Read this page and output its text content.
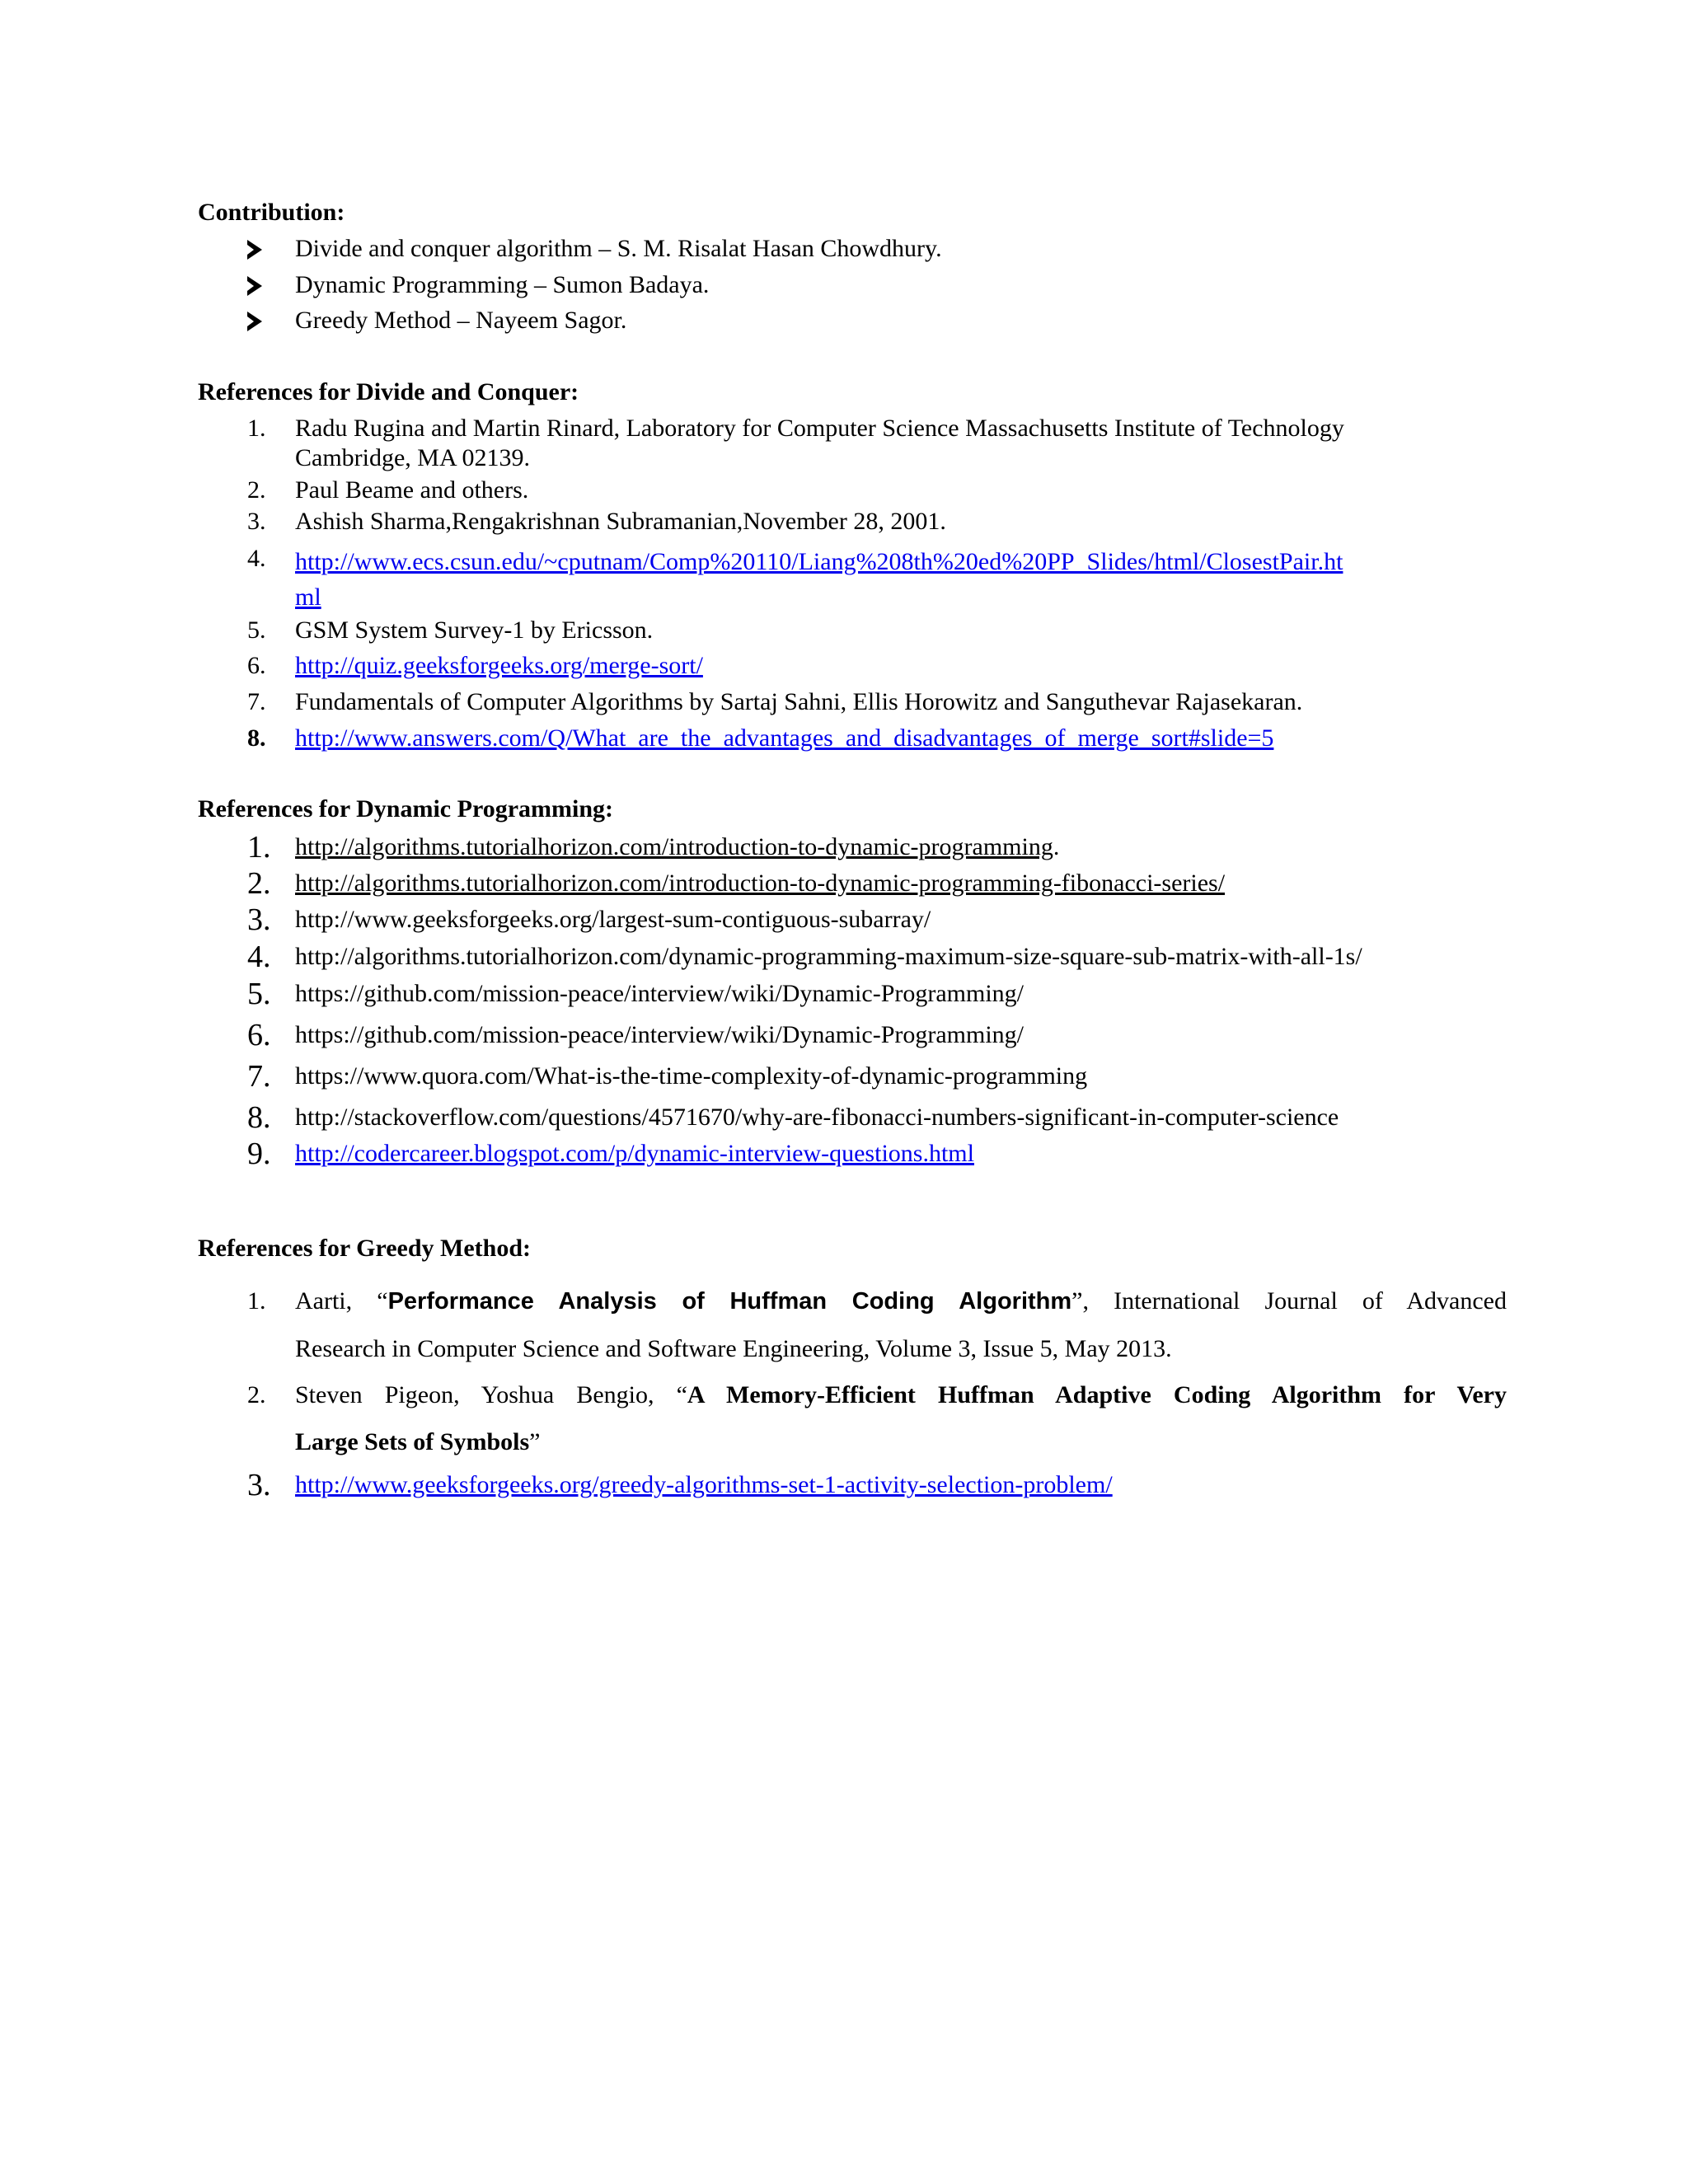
Contribution:
Divide and conquer algorithm – S. M. Risalat Hasan Chowdhury.
Dynamic Programming – Sumon Badaya.
Greedy Method – Nayeem Sagor.
References for Divide and Conquer:
1.	Radu Rugina and Martin Rinard, Laboratory for Computer Science Massachusetts Institute of Technology
Cambridge, MA 02139.
2.	Paul Beame and others.
3.	Ashish Sharma,Rengakrishnan Subramanian,November 28, 2001.
4.	http://www.ecs.csun.edu/~cputnam/Comp%20110/Liang%208th%20ed%20PP_Slides/html/ClosestPair.ht
ml
5.	GSM System Survey-1 by Ericsson.
6.	http://quiz.geeksforgeeks.org/merge-sort/
7.	Fundamentals of Computer Algorithms by Sartaj Sahni, Ellis Horowitz and Sanguthevar Rajasekaran.
8.	http://www.answers.com/Q/What_are_the_advantages_and_disadvantages_of_merge_sort#slide=5
References for Dynamic Programming:
1. http://algorithms.tutorialhorizon.com/introduction-to-dynamic-programming.
2. http://algorithms.tutorialhorizon.com/introduction-to-dynamic-programming-fibonacci-series/
3. http://www.geeksforgeeks.org/largest-sum-contiguous-subarray/
4. http://algorithms.tutorialhorizon.com/dynamic-programming-maximum-size-square-sub-matrix-with-all-1s/
5. https://github.com/mission-peace/interview/wiki/Dynamic-Programming/
6. https://github.com/mission-peace/interview/wiki/Dynamic-Programming/
7. https://www.quora.com/What-is-the-time-complexity-of-dynamic-programming
8. http://stackoverflow.com/questions/4571670/why-are-fibonacci-numbers-significant-in-computer-science
9. http://codercareer.blogspot.com/p/dynamic-interview-questions.html
References for Greedy Method:
1.	Aarti, “Performance Analysis of Huffman Coding Algorithm”, International Journal of Advanced
Research in Computer Science and Software Engineering, Volume 3, Issue 5, May 2013.
2.	Steven Pigeon, Yoshua Bengio, “A Memory-Efficient Huffman Adaptive Coding Algorithm for Very
Large Sets of Symbols”
3. http://www.geeksforgeeks.org/greedy-algorithms-set-1-activity-selection-problem/
